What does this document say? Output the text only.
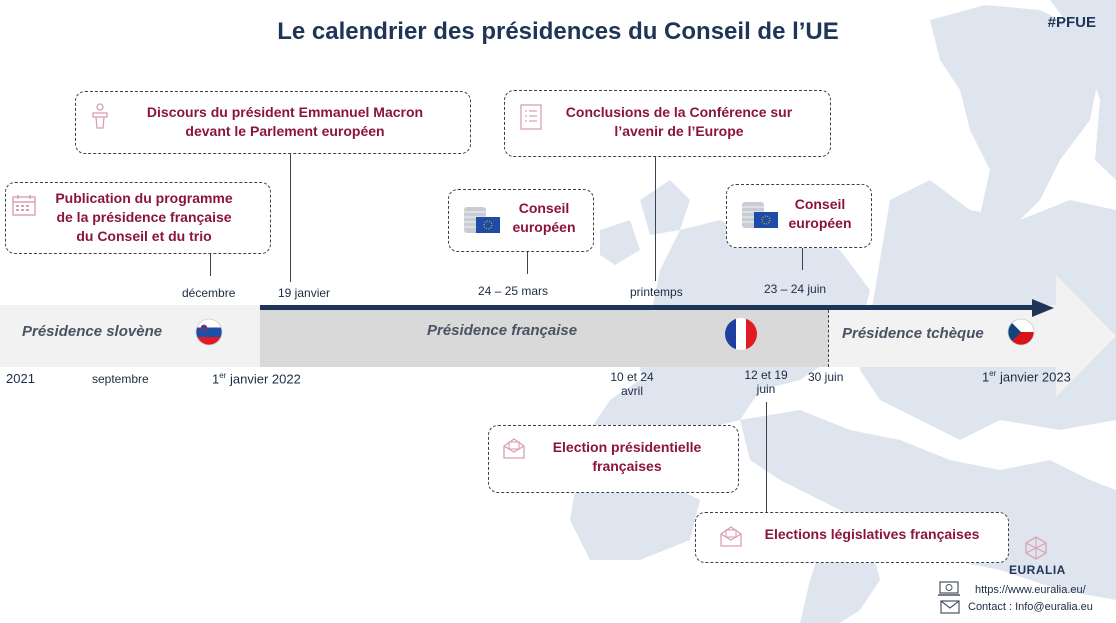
Le calendrier des présidences du Conseil de l’UE	#PFUE
Présidence slovène	Présidence française	Présidence tchèque
décembre	19 janvier	24 – 25 mars	printemps	23 – 24 juin
2021	septembre	1er janvier 2022	10 et 24 avril
12 et 19 juin
30 juin	1er janvier 2023
Publication du programme de la présidence française du Conseil et du trio
Discours du président Emmanuel Macron devant le Parlement européen
Conseil européen
Conclusions de la Conférence sur l’avenir de l’Europe
Conseil européen
Election présidentielle françaises
Elections législatives françaises
EURALIA
https://www.euralia.eu/
Contact : Info@euralia.eu
